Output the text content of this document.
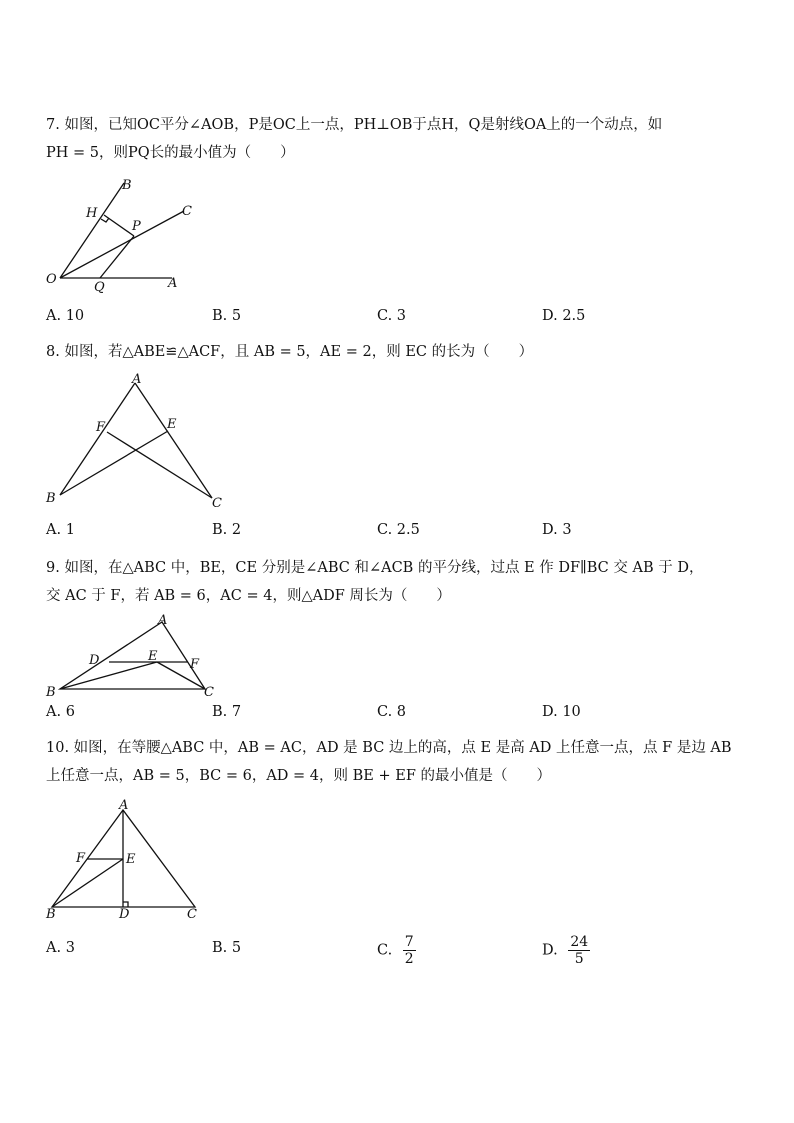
7. 如图，已知OC平分∠AOB，P是OC上一点，PH⊥OB于点H，Q是射线OA上的一个动点，如
PH = 5，则PQ长的最小值为（　　）
B
H	C
P
O
Q	A
A. 10	B. 5	C. 3	D. 2.5
8. 如图，若△ABE≌△ACF，且 AB = 5，AE = 2，则 EC 的长为（　　）
A
F	E
B	C
A. 1	B. 2	C. 2.5	D. 3
9. 如图，在△ABC 中，BE，CE 分别是∠ABC 和∠ACB 的平分线，过点 E 作 DF∥BC 交 AB 于 D，
交 AC 于 F，若 AB = 6，AC = 4，则△ADF 周长为（　　）
A
D	E
F
B	C
A. 6	B. 7	C. 8	D. 10
10. 如图，在等腰△ABC 中，AB = AC，AD 是 BC 边上的高，点 E 是高 AD 上任意一点，点 F 是边 AB
上任意一点，AB = 5，BC = 6，AD = 4，则 BE + EF 的最小值是（　　）
A
F	E
B	D	C
A. 3	B. 5	C. $\frac{7}{2}$	D. $\frac{24}{5}$
